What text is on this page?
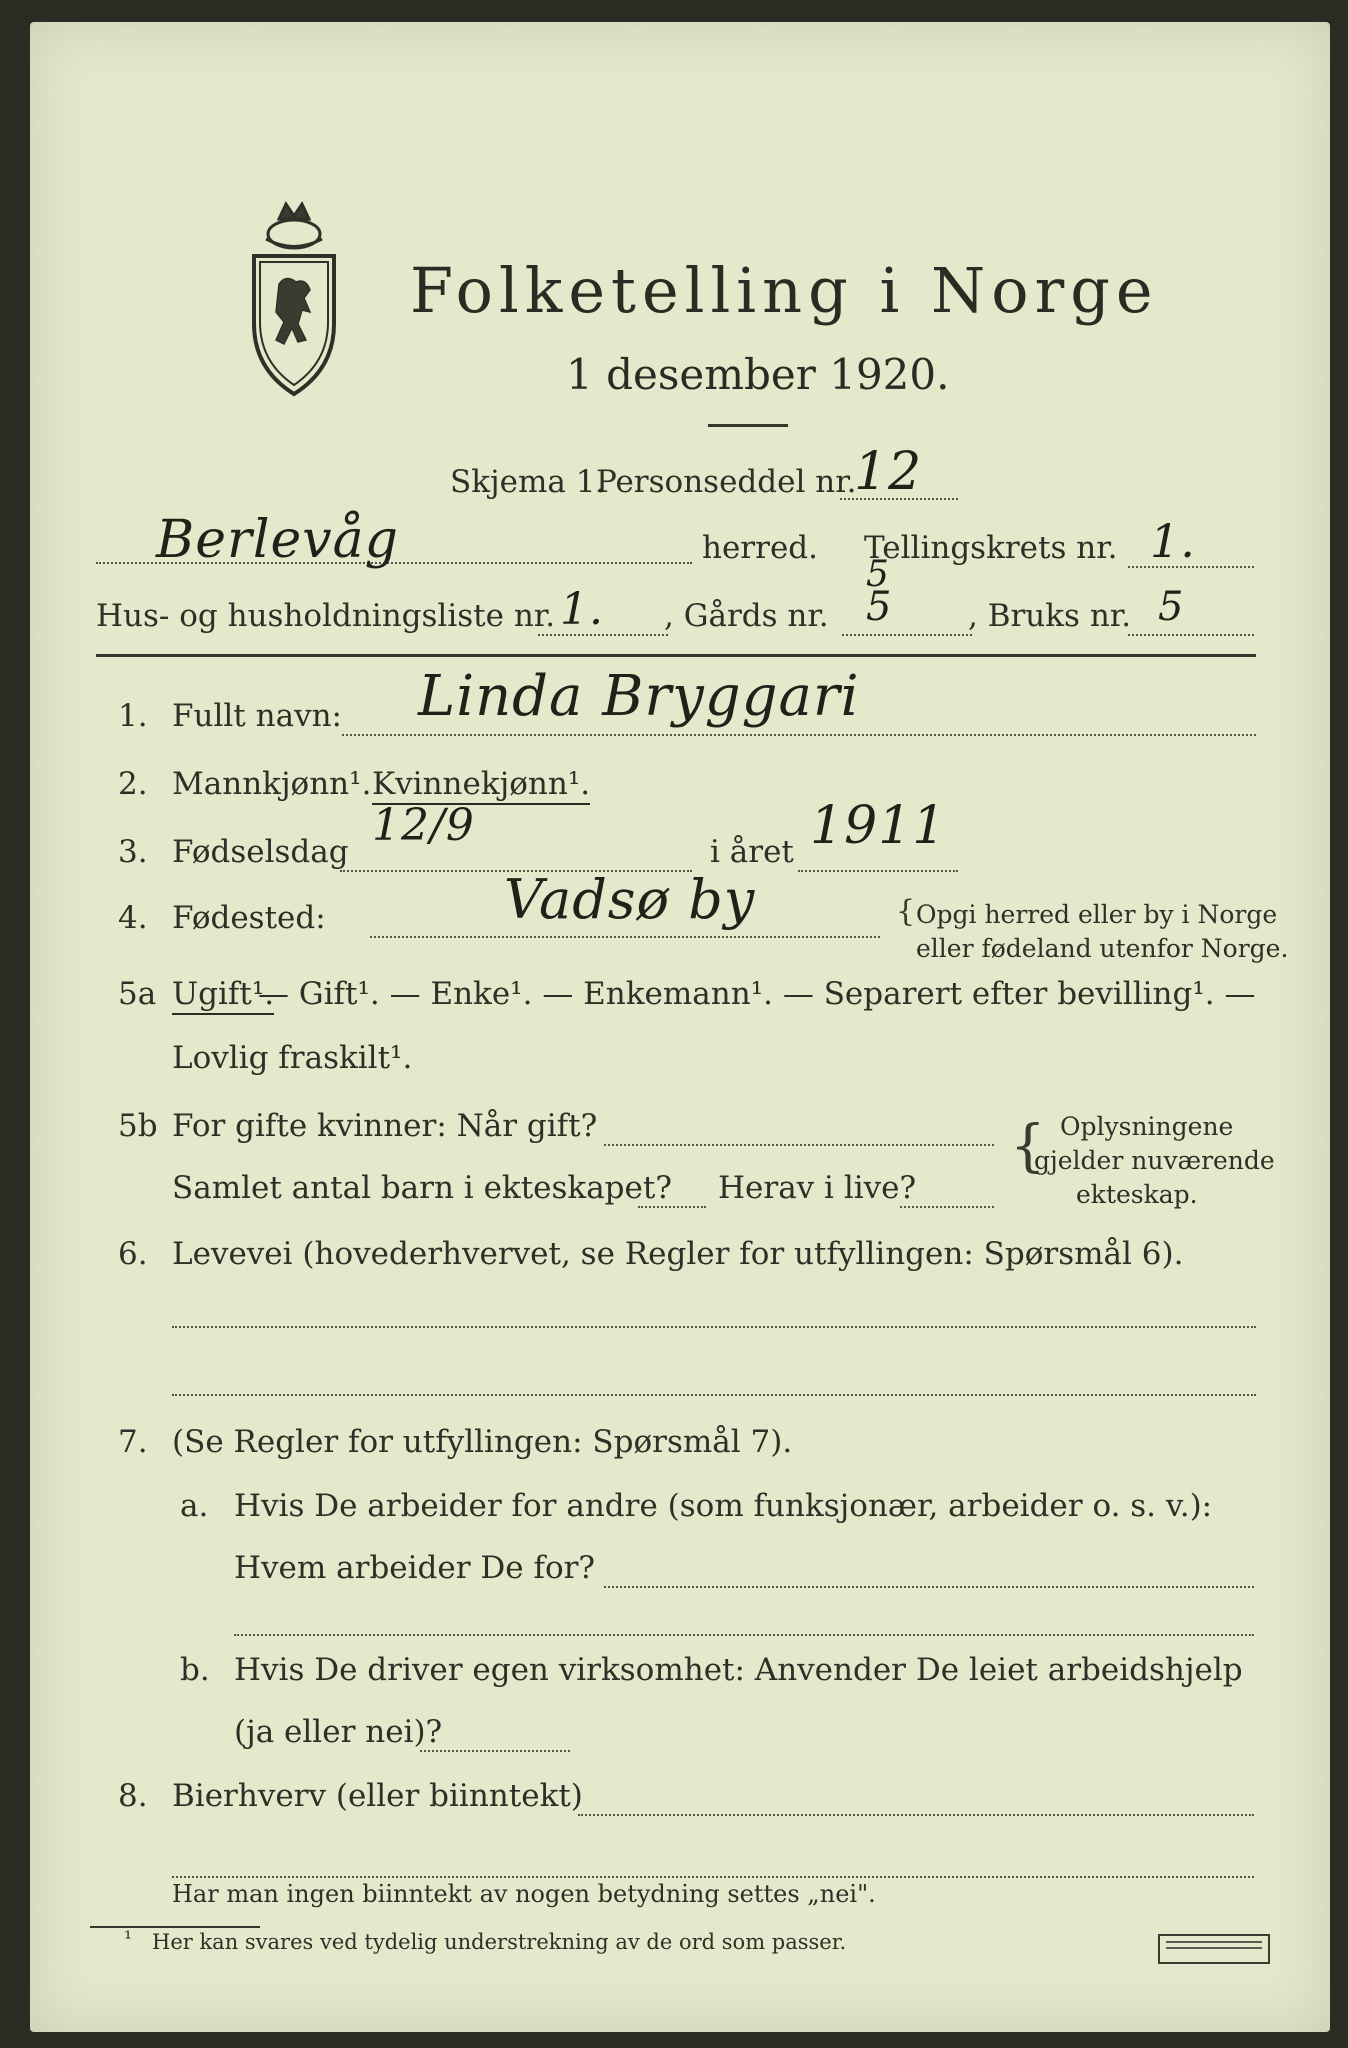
Folketelling i Norge
1 desember 1920.
Skjema 1.
Personseddel nr.
12
Berlevåg	herred. Tellingskrets nr. 1.
5
Hus- og husholdningsliste nr. 1. , Gårds nr. 5 , Bruks nr. 5
1. Fullt navn: Linda Bryggari
2. Mannkjønn¹. Kvinnekjønn¹.
3. Fødselsdag
12/9
i året 1911
4. Fødested:	Vadsø by	{ Opgi herred eller by i Norge
eller fødeland utenfor Norge.
5a Ugift¹.
— Gift¹. — Enke¹. — Enkemann¹. — Separert efter bevilling¹. —
Lovlig fraskilt¹.
5b For gifte kvinner: Når gift?
Samlet antal barn i ekteskapet? Herav i live?
{ Oplysningene
gjelder nuværende
ekteskap.
6. Levevei (hovederhvervet, se Regler for utfyllingen: Spørsmål 6).
7. (Se Regler for utfyllingen: Spørsmål 7).
a. Hvis De arbeider for andre (som funksjonær, arbeider o. s. v.):
Hvem arbeider De for?
b. Hvis De driver egen virksomhet: Anvender De leiet arbeidshjelp
(ja eller nei)?
8. Bierhverv (eller biinntekt)
Har man ingen biinntekt av nogen betydning settes „nei".
¹ Her kan svares ved tydelig understrekning av de ord som passer.
